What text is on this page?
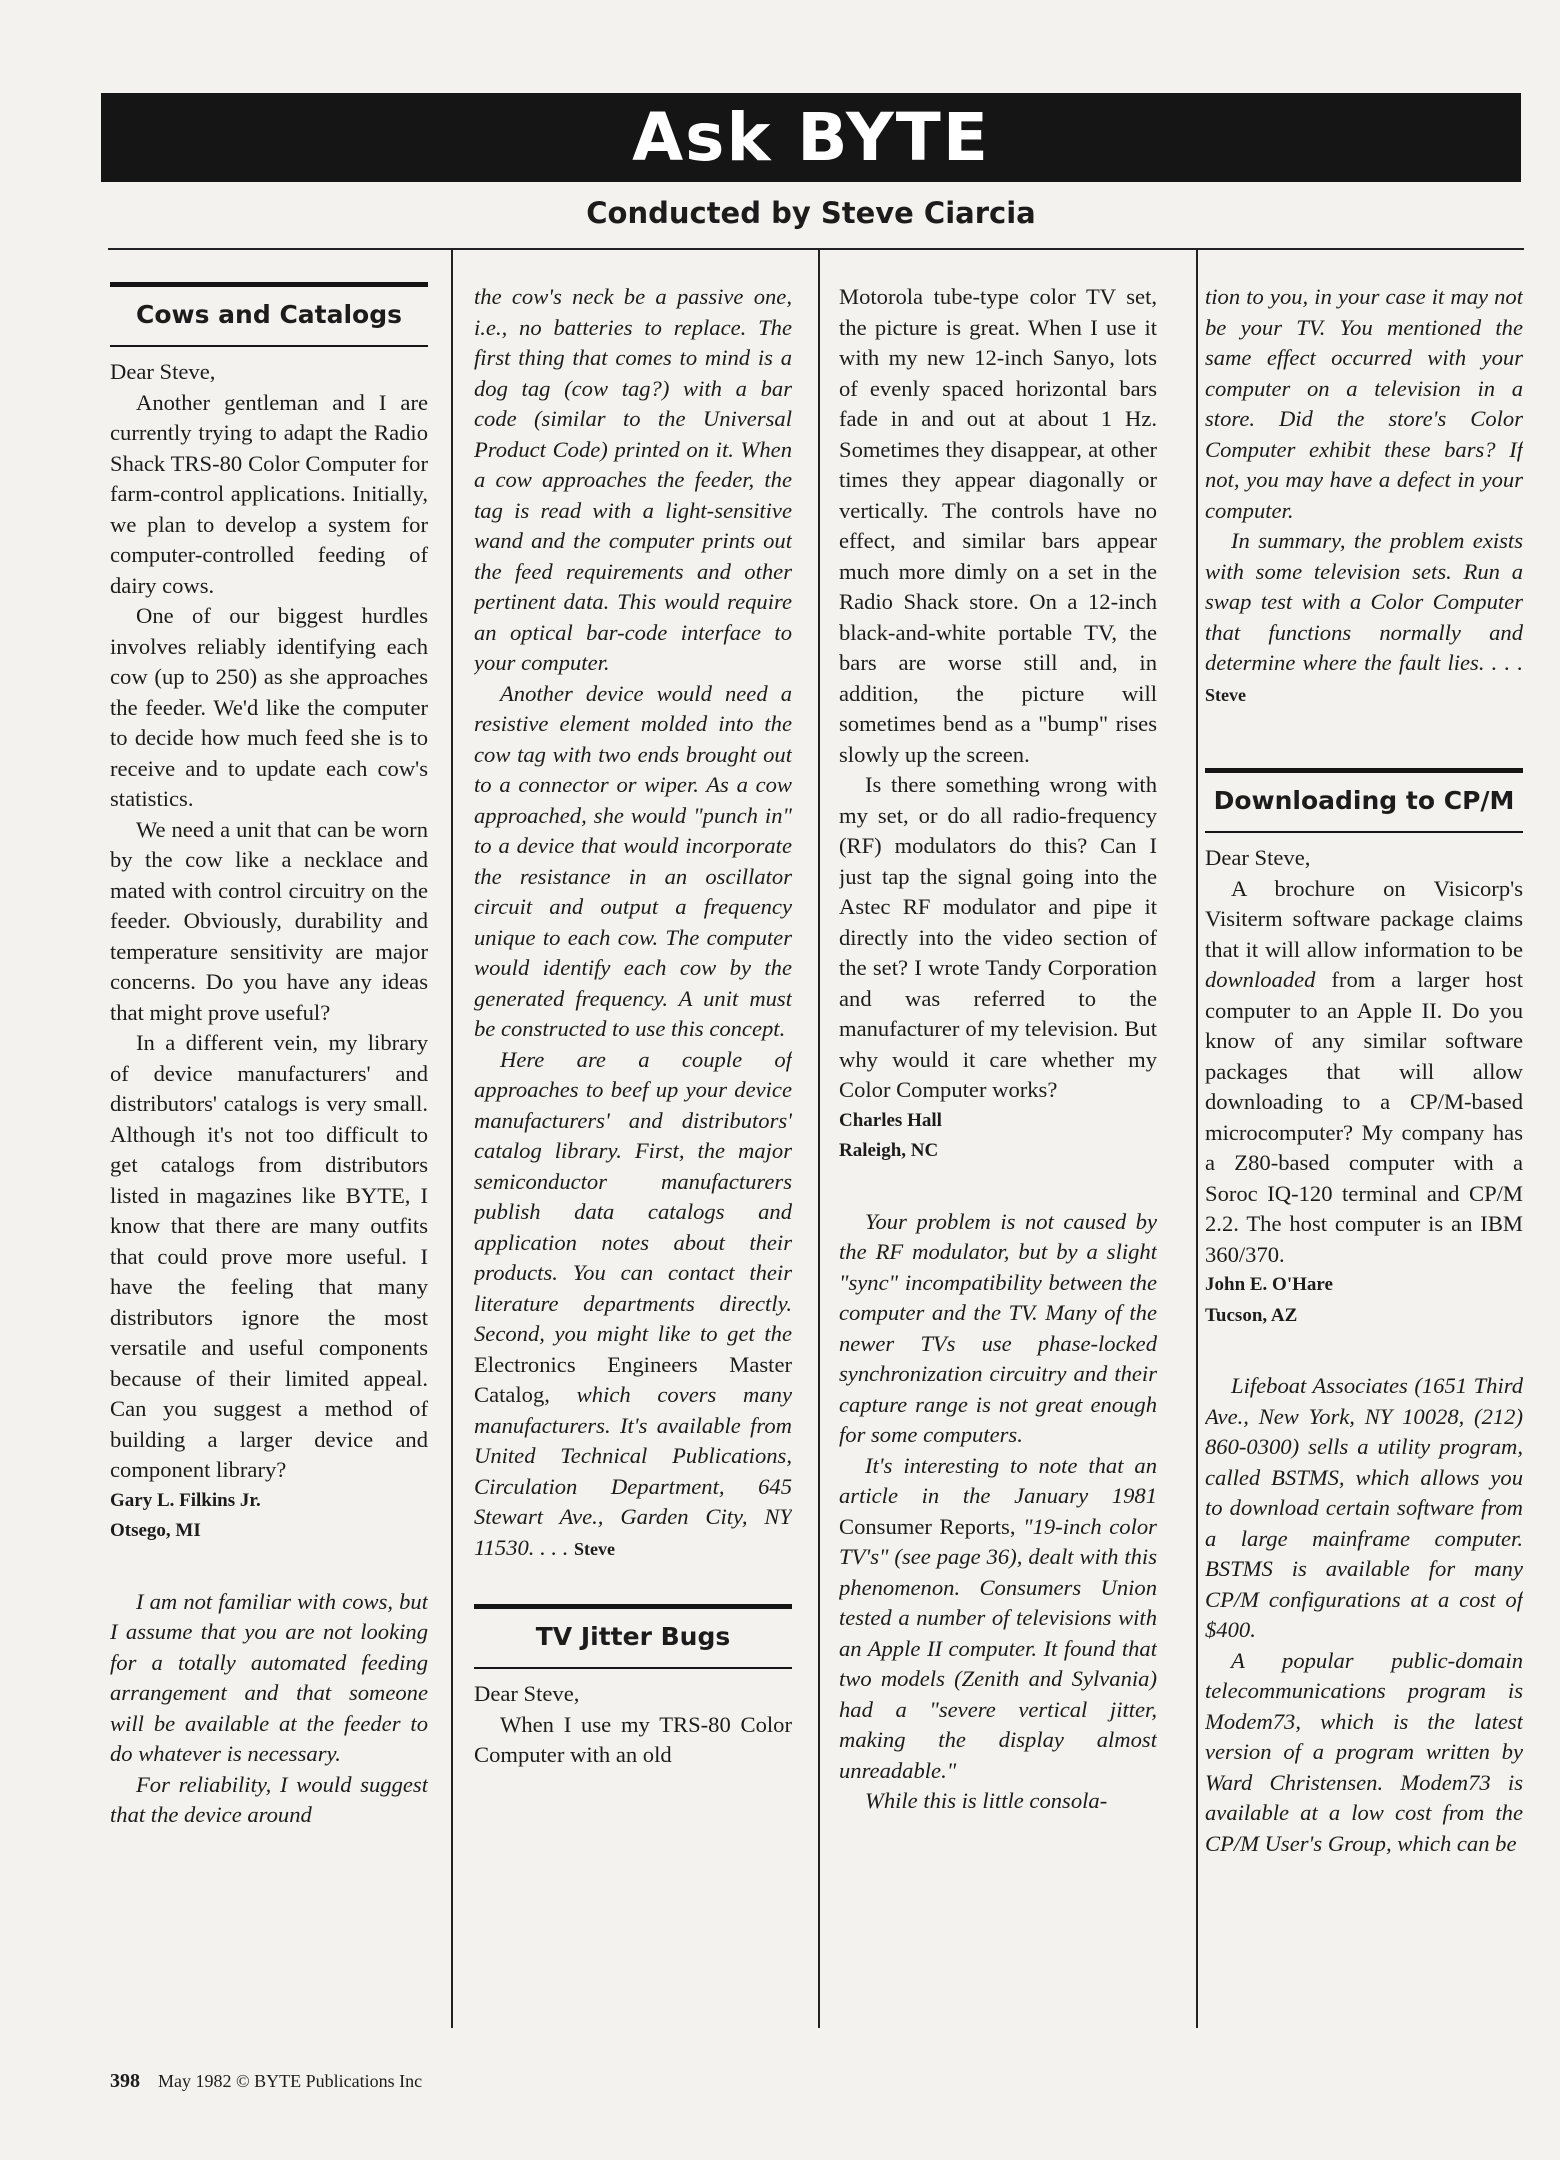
Ask BYTE
Conducted by Steve Ciarcia
Cows and Catalogs

Dear Steve,

Another gentleman and I are currently trying to adapt the Radio Shack TRS-80 Color Computer for farm-control applications. Initially, we plan to develop a system for computer-controlled feeding of dairy cows.

One of our biggest hurdles involves reliably identifying each cow (up to 250) as she approaches the feeder. We'd like the computer to decide how much feed she is to receive and to update each cow's statistics.

We need a unit that can be worn by the cow like a necklace and mated with control circuitry on the feeder. Obviously, durability and temperature sensitivity are major concerns. Do you have any ideas that might prove useful?

In a different vein, my library of device manufacturers' and distributors' catalogs is very small. Although it's not too difficult to get catalogs from distributors listed in magazines like BYTE, I know that there are many outfits that could prove more useful. I have the feeling that many distributors ignore the most versatile and useful components because of their limited appeal. Can you suggest a method of building a larger device and component library?

Gary L. Filkins Jr.

Otsego, MI

I am not familiar with cows, but I assume that you are not looking for a totally automated feeding arrangement and that someone will be available at the feeder to do whatever is necessary.

For reliability, I would suggest that the device around

the cow's neck be a passive one, i.e., no batteries to replace. The first thing that comes to mind is a dog tag (cow tag?) with a bar code (similar to the Universal Product Code) printed on it. When a cow approaches the feeder, the tag is read with a light-sensitive wand and the computer prints out the feed requirements and other pertinent data. This would require an optical bar-code interface to your computer.

Another device would need a resistive element molded into the cow tag with two ends brought out to a connector or wiper. As a cow approached, she would "punch in" to a device that would incorporate the resistance in an oscillator circuit and output a frequency unique to each cow. The computer would identify each cow by the generated frequency. A unit must be constructed to use this concept.

Here are a couple of approaches to beef up your device manufacturers' and distributors' catalog library. First, the major semiconductor manufacturers publish data catalogs and application notes about their products. You can contact their literature departments directly. Second, you might like to get the Electronics Engineers Master Catalog, which covers many manufacturers. It's available from United Technical Publications, Circulation Department, 645 Stewart Ave., Garden City, NY 11530. . . . Steve

TV Jitter Bugs

Dear Steve,

When I use my TRS-80 Color Computer with an old

Motorola tube-type color TV set, the picture is great. When I use it with my new 12-inch Sanyo, lots of evenly spaced horizontal bars fade in and out at about 1 Hz. Sometimes they disappear, at other times they appear diagonally or vertically. The controls have no effect, and similar bars appear much more dimly on a set in the Radio Shack store. On a 12-inch black-and-white portable TV, the bars are worse still and, in addition, the picture will sometimes bend as a "bump" rises slowly up the screen.

Is there something wrong with my set, or do all radio-frequency (RF) modulators do this? Can I just tap the signal going into the Astec RF modulator and pipe it directly into the video section of the set? I wrote Tandy Corporation and was referred to the manufacturer of my television. But why would it care whether my Color Computer works?

Charles Hall

Raleigh, NC

Your problem is not caused by the RF modulator, but by a slight "sync" incompatibility between the computer and the TV. Many of the newer TVs use phase-locked synchronization circuitry and their capture range is not great enough for some computers.

It's interesting to note that an article in the January 1981 Consumer Reports, "19-inch color TV's" (see page 36), dealt with this phenomenon. Consumers Union tested a number of televisions with an Apple II computer. It found that two models (Zenith and Sylvania) had a "severe vertical jitter, making the display almost unreadable."

While this is little consola-

tion to you, in your case it may not be your TV. You mentioned the same effect occurred with your computer on a television in a store. Did the store's Color Computer exhibit these bars? If not, you may have a defect in your computer.

In summary, the problem exists with some television sets. Run a swap test with a Color Computer that functions normally and determine where the fault lies. . . . Steve

Downloading to CP/M

Dear Steve,

A brochure on Visicorp's Visiterm software package claims that it will allow information to be downloaded from a larger host computer to an Apple II. Do you know of any similar software packages that will allow downloading to a CP/M-based microcomputer? My company has a Z80-based computer with a Soroc IQ-120 terminal and CP/M 2.2. The host computer is an IBM 360/370.

John E. O'Hare

Tucson, AZ

Lifeboat Associates (1651 Third Ave., New York, NY 10028, (212) 860-0300) sells a utility program, called BSTMS, which allows you to download certain software from a large mainframe computer. BSTMS is available for many CP/M configurations at a cost of $400.

A popular public-domain telecommunications program is Modem73, which is the latest version of a program written by Ward Christensen. Modem73 is available at a low cost from the CP/M User's Group, which can be

398 May 1982 © BYTE Publications Inc
